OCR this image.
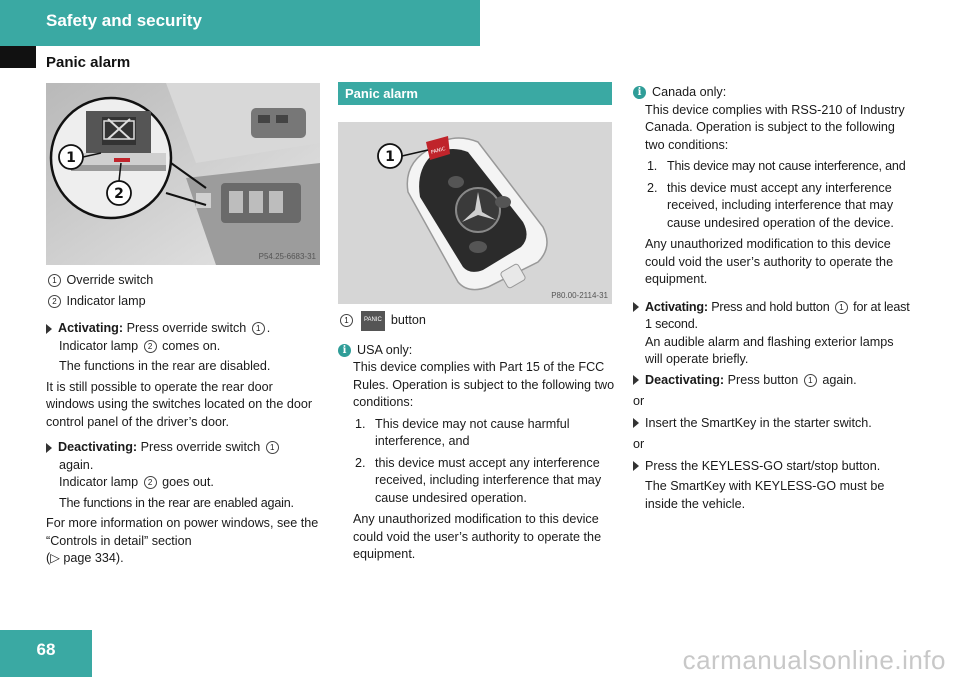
Safety and security
Panic alarm
1
2
P54.25-6683-31

1 Override switch

2 Indicator lamp

Activating: Press override switch 1 .

Indicator lamp 2 comes on.

The functions in the rear are disabled.

It is still possible to operate the rear door windows using the switches located on the door control panel of the driver’s door.

Deactivating: Press override switch 1

again.

Indicator lamp 2 goes out.

The functions in the rear are enabled again.

For more information on power windows, see the “Controls in detail” section

(▷ page 334).

Panic alarm
PANIC
1
P80.00-2114-31

1	PANIC button

i USA only:

This device complies with Part 15 of the FCC Rules. Operation is subject to the following two conditions:

1. This device may not cause harmful interference, and

2. this device must accept any interference received, including interference that may cause undesired operation.

Any unauthorized modification to this device could void the user’s authority to operate the equipment.

i Canada only:

This device complies with RSS-210 of Industry Canada. Operation is subject to the following two conditions:

1. This device may not cause interference, and

2. this device must accept any interference received, including interference that may cause undesired operation of the device.

Any unauthorized modification to this device could void the user’s authority to operate the equipment.

Activating: Press and hold button 1 for at least 1 second.

An audible alarm and flashing exterior lamps will operate briefly.

Deactivating: Press button 1 again.

or

Insert the SmartKey in the starter switch.

or

Press the KEYLESS-GO start/stop button.

The SmartKey with KEYLESS-GO must be inside the vehicle.

68	carmanualsonline.info
